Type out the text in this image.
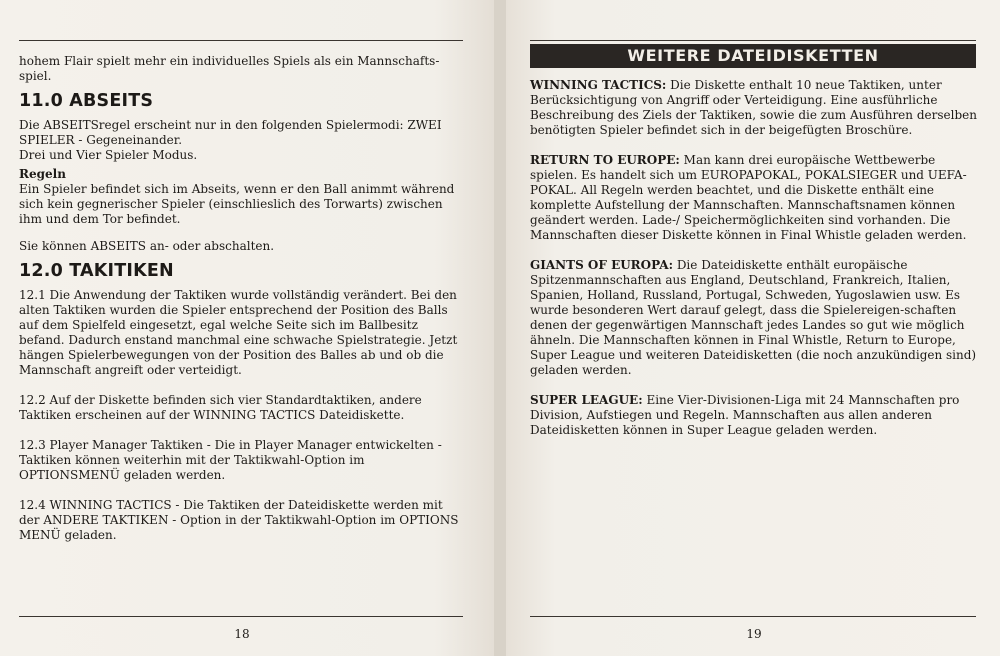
hohem Flair spielt mehr ein individuelles Spiels als ein Mannschafts-spiel.

11.0 ABSEITS

Die ABSEITSregel erscheint nur in den folgenden Spielermodi: ZWEI SPIELER - Gegeneinander.

Drei und Vier Spieler Modus.

Regeln

Ein Spieler befindet sich im Abseits, wenn er den Ball animmt während sich kein gegnerischer Spieler (einschlieslich des Torwarts) zwischen ihm und dem Tor befindet.

Sie können ABSEITS an- oder abschalten.

12.0 TAKITIKEN

12.1 Die Anwendung der Taktiken wurde vollständig verändert. Bei den alten Taktiken wurden die Spieler entsprechend der Position des Balls auf dem Spielfeld eingesetzt, egal welche Seite sich im Ballbesitz befand. Dadurch enstand manchmal eine schwache Spielstrategie. Jetzt hängen Spielerbewegungen von der Position des Balles ab und ob die Mannschaft angreift oder verteidigt.

12.2 Auf der Diskette befinden sich vier Standardtaktiken, andere Taktiken erscheinen auf der WINNING TACTICS Dateidiskette.

12.3 Player Manager Taktiken - Die in Player Manager entwickelten -Taktiken können weiterhin mit der Taktikwahl-Option im OPTIONSMENÜ geladen werden.

12.4 WINNING TACTICS - Die Taktiken der Dateidiskette werden mit der ANDERE TAKTIKEN - Option in der Taktikwahl-Option im OPTIONS MENÜ geladen.

18
WEITERE DATEIDISKETTEN

WINNING TACTICS: Die Diskette enthalt 10 neue Taktiken, unter Berücksichtigung von Angriff oder Verteidigung. Eine ausführliche Beschreibung des Ziels der Taktiken, sowie die zum Ausführen derselben benötigten Spieler befindet sich in der beigefügten Broschüre.

RETURN TO EUROPE: Man kann drei europäische Wettbewerbe spielen. Es handelt sich um EUROPAPOKAL, POKALSIEGER und UEFA-POKAL. All Regeln werden beachtet, und die Diskette enthält eine komplette Aufstellung der Mannschaften. Mannschaftsnamen können geändert werden. Lade-/ Speichermöglichkeiten sind vorhanden. Die Mannschaften dieser Diskette können in Final Whistle geladen werden.

GIANTS OF EUROPA: Die Dateidiskette enthält europäische Spitzenmannschaften aus England, Deutschland, Frankreich, Italien, Spanien, Holland, Russland, Portugal, Schweden, Yugoslawien usw. Es wurde besonderen Wert darauf gelegt, dass die Spielereigen-schaften denen der gegenwärtigen Mannschaft jedes Landes so gut wie möglich ähneln. Die Mannschaften können in Final Whistle, Return to Europe, Super League und weiteren Dateidisketten (die noch anzukündigen sind) geladen werden.

SUPER LEAGUE: Eine Vier-Divisionen-Liga mit 24 Mannschaften pro Division, Aufstiegen und Regeln. Mannschaften aus allen anderen Dateidisketten können in Super League geladen werden.

19
